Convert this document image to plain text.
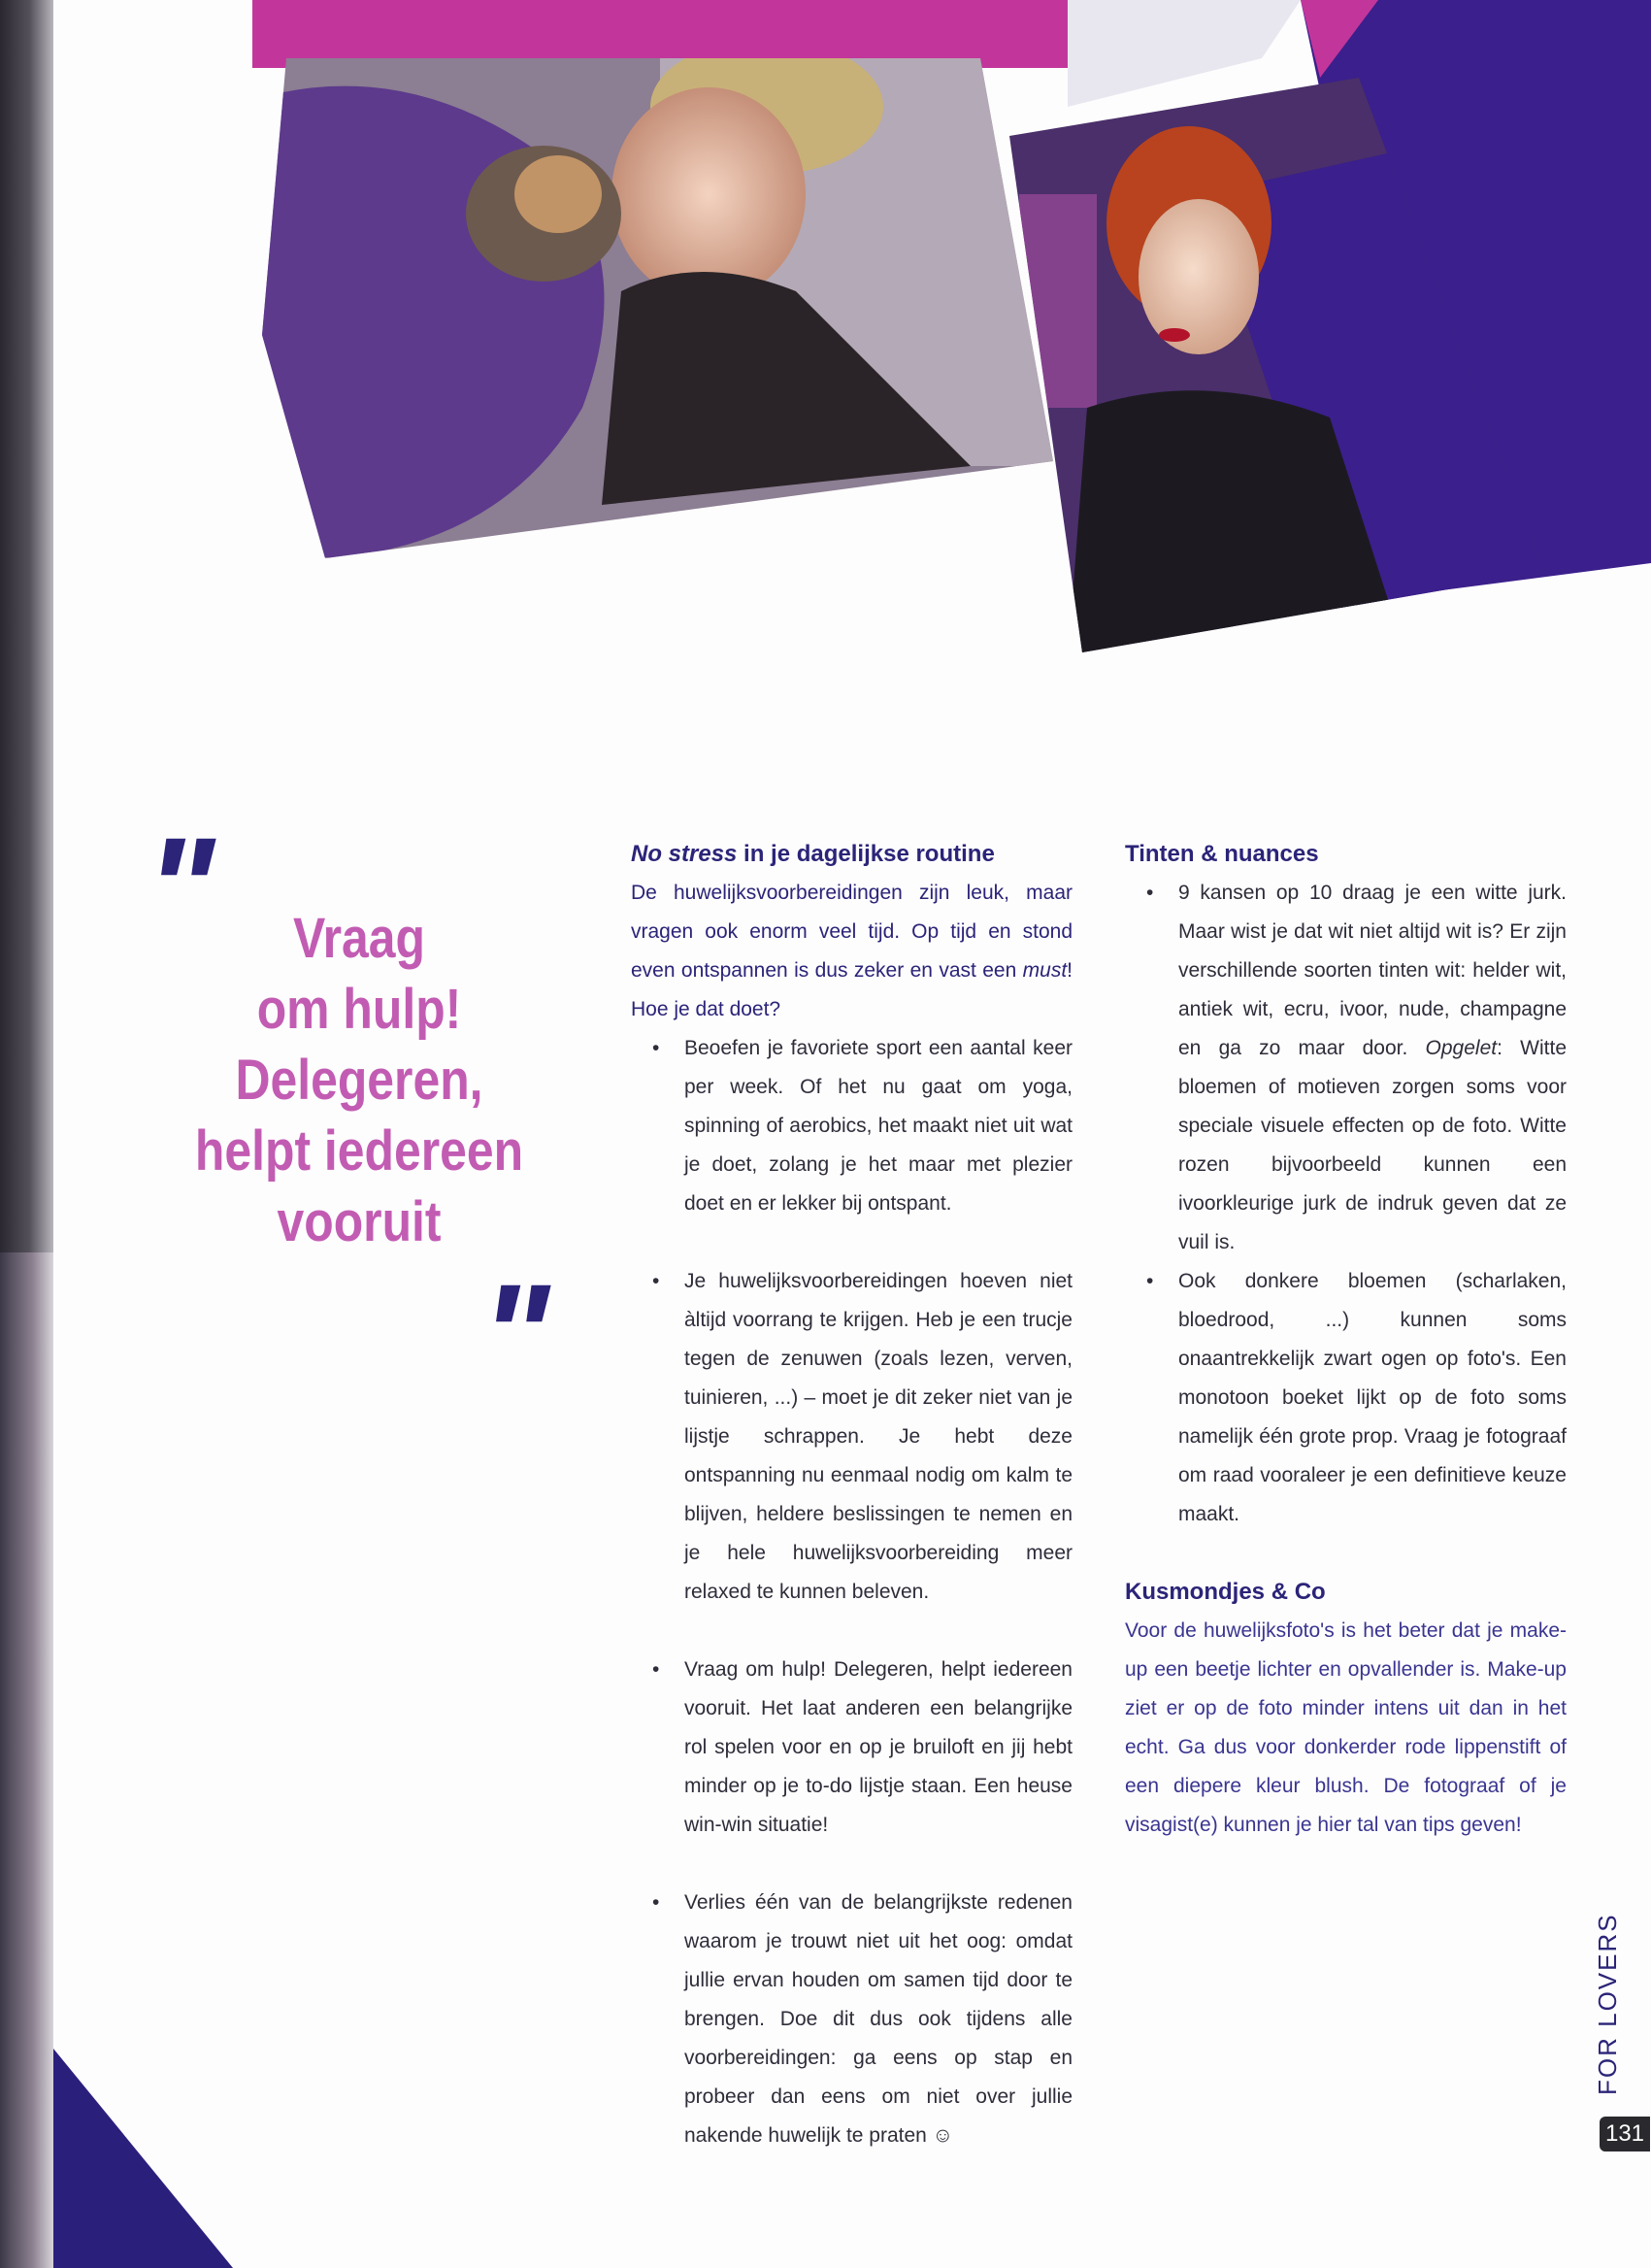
"	Vraag
om hulp!
Delegeren,
helpt iedereen
vooruit
"

No stress in je dagelijkse routine

De huwelijksvoorbereidingen zijn leuk, maar vragen ook enorm veel tijd. Op tijd en stond even ontspannen is dus zeker en vast een must! Hoe je dat doet?

• Beoefen je favoriete sport een aantal keer per week. Of het nu gaat om yoga, spinning of aerobics, het maakt niet uit wat je doet, zolang je het maar met plezier doet en er lekker bij ontspant.
• Je huwelijksvoorbereidingen hoeven niet àltijd voorrang te krijgen. Heb je een trucje tegen de zenuwen (zoals lezen, verven, tuinieren, ...) – moet je dit zeker niet van je lijstje schrappen. Je hebt deze ontspanning nu eenmaal nodig om kalm te blijven, heldere beslissingen te nemen en je hele huwelijksvoorbereiding meer relaxed te kunnen beleven.
• Vraag om hulp! Delegeren, helpt iedereen vooruit. Het laat anderen een belangrijke rol spelen voor en op je bruiloft en jij hebt minder op je to-do lijstje staan. Een heuse win-win situatie!
• Verlies één van de belangrijkste redenen waarom je trouwt niet uit het oog: omdat jullie ervan houden om samen tijd door te brengen. Doe dit dus ook tijdens alle voorbereidingen: ga eens op stap en probeer dan eens om niet over jullie nakende huwelijk te praten ☺

Tinten & nuances

• 9 kansen op 10 draag je een witte jurk. Maar wist je dat wit niet altijd wit is? Er zijn verschillende soorten tinten wit: helder wit, antiek wit, ecru, ivoor, nude, champagne en ga zo maar door. Opgelet: Witte bloemen of motieven zorgen soms voor speciale visuele effecten op de foto. Witte rozen bijvoorbeeld kunnen een ivoorkleurige jurk de indruk geven dat ze vuil is.
• Ook donkere bloemen (scharlaken, bloedrood, ...) kunnen soms onaantrekkelijk zwart ogen op foto's. Een monotoon boeket lijkt op de foto soms namelijk één grote prop. Vraag je fotograaf om raad vooraleer je een definitieve keuze maakt.

Kusmondjes & Co

Voor de huwelijksfoto's is het beter dat je make-up een beetje lichter en opvallender is. Make-up ziet er op de foto minder intens uit dan in het echt. Ga dus voor donkerder rode lippenstift of een diepere kleur blush. De fotograaf of je visagist(e) kunnen je hier tal van tips geven!

FOR LOVERS
131
